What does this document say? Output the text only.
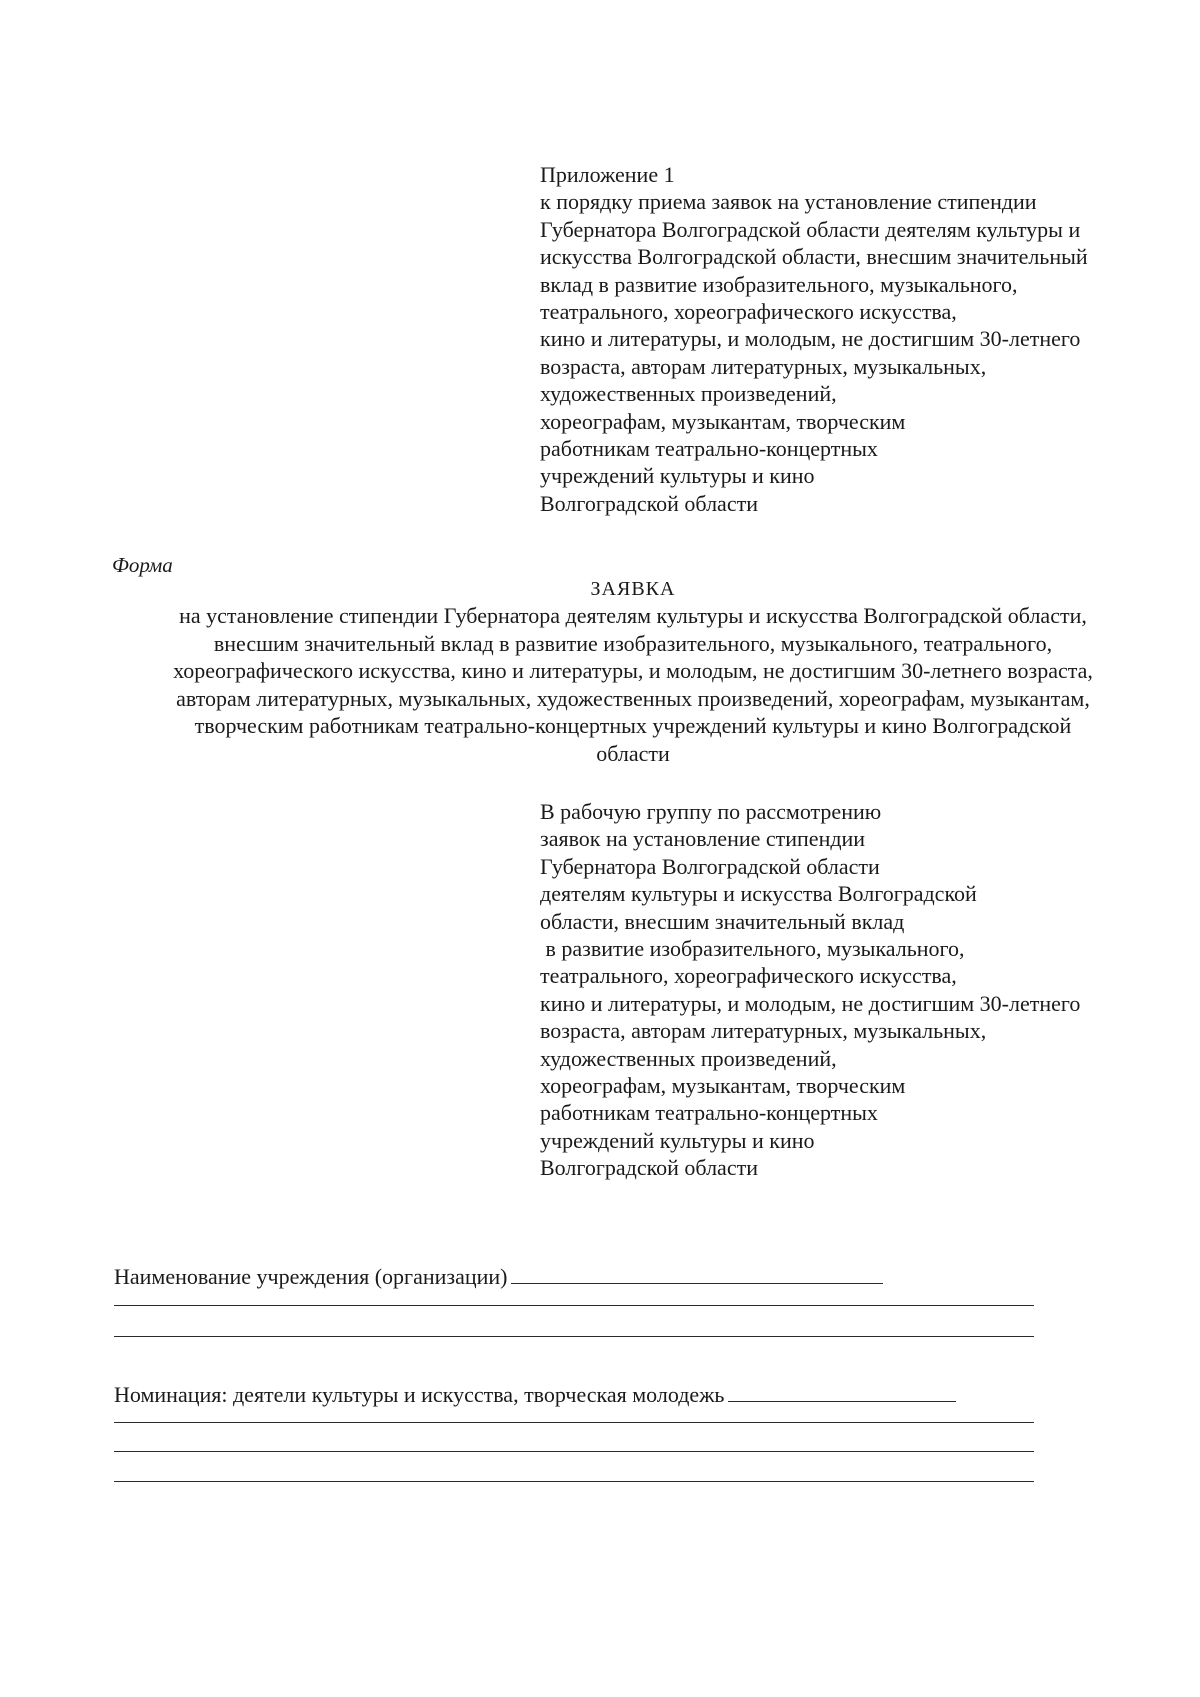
Приложение 1
к порядку приема заявок на установление стипендии
Губернатора Волгоградской области деятелям культуры и
искусства Волгоградской области, внесшим значительный
вклад в развитие изобразительного, музыкального,
театрального, хореографического искусства,
кино и литературы, и молодым, не достигшим 30-летнего
возраста, авторам литературных, музыкальных,
художественных произведений,
хореографам, музыкантам, творческим
работникам театрально-концертных
учреждений культуры и кино
Волгоградской области
Форма
ЗАЯВКА
на установление стипендии Губернатора деятелям культуры и искусства Волгоградской области,
внесшим значительный вклад в развитие изобразительного, музыкального, театрального,
хореографического искусства, кино и литературы, и молодым, не достигшим 30-летнего возраста,
авторам литературных, музыкальных, художественных произведений, хореографам, музыкантам,
творческим работникам театрально-концертных учреждений культуры и кино Волгоградской
области
В рабочую группу по рассмотрению
заявок на установление стипендии
Губернатора Волгоградской области
деятелям культуры и искусства Волгоградской
области, внесшим значительный вклад
в развитие изобразительного, музыкального,
театрального, хореографического искусства,
кино и литературы, и молодым, не достигшим 30-летнего
возраста, авторам литературных, музыкальных,
художественных произведений,
хореографам, музыкантам, творческим
работникам театрально-концертных
учреждений культуры и кино
Волгоградской области
Наименование учреждения (организации)
Номинация: деятели культуры и искусства, творческая молодежь
